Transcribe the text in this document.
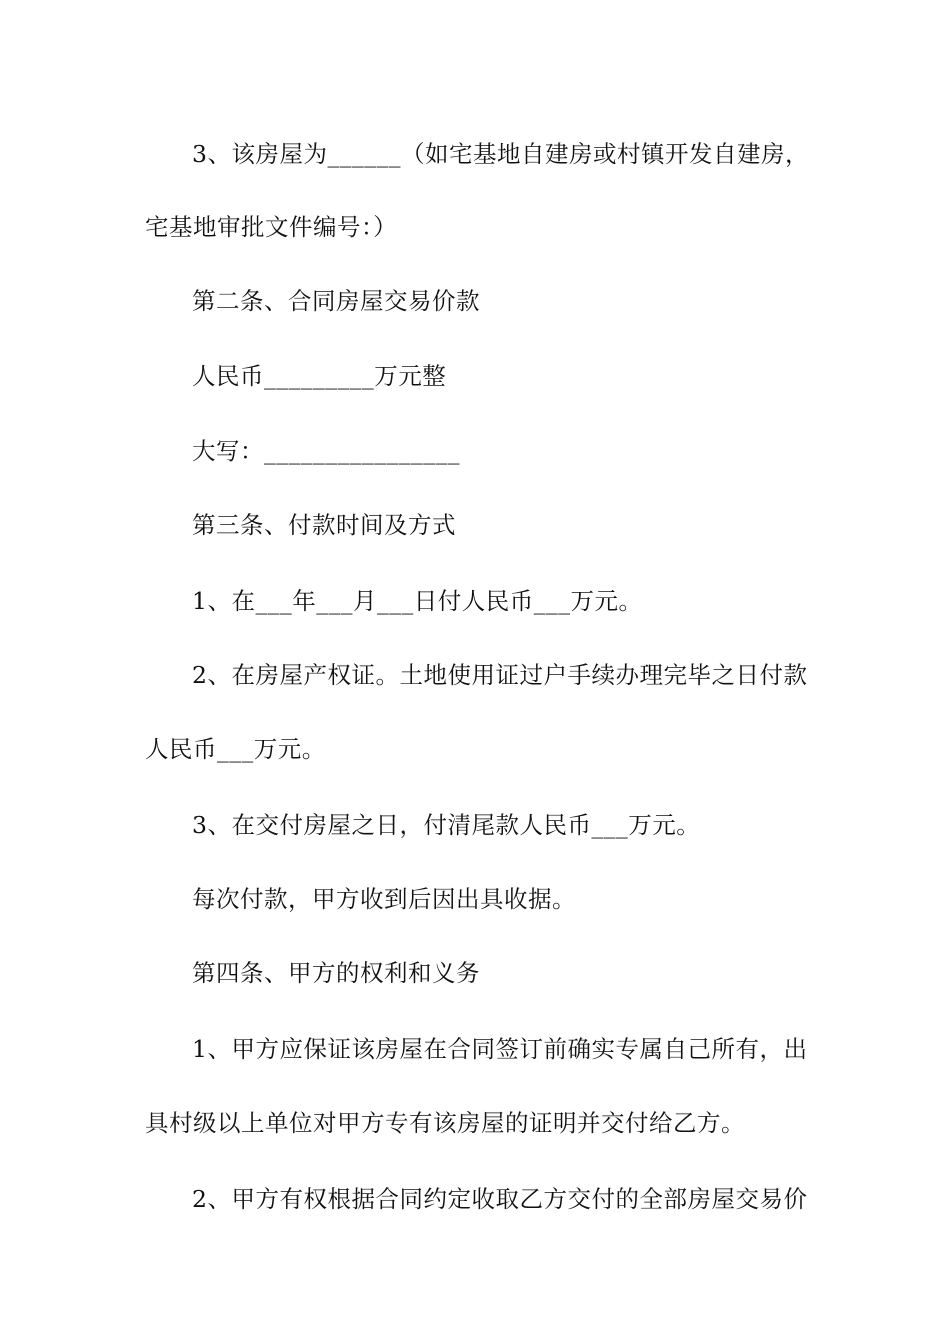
3、该房屋为______（如宅基地自建房或村镇开发自建房，
宅基地审批文件编号：）
第二条、合同房屋交易价款
人民币_________万元整
大写：________________
第三条、付款时间及方式
1、在___年___月___日付人民币___万元。
2、在房屋产权证。土地使用证过户手续办理完毕之日付款
人民币___万元。
3、在交付房屋之日，付清尾款人民币___万元。
每次付款，甲方收到后因出具收据。
第四条、甲方的权利和义务
1、甲方应保证该房屋在合同签订前确实专属自己所有，出
具村级以上单位对甲方专有该房屋的证明并交付给乙方。
2、甲方有权根据合同约定收取乙方交付的全部房屋交易价
